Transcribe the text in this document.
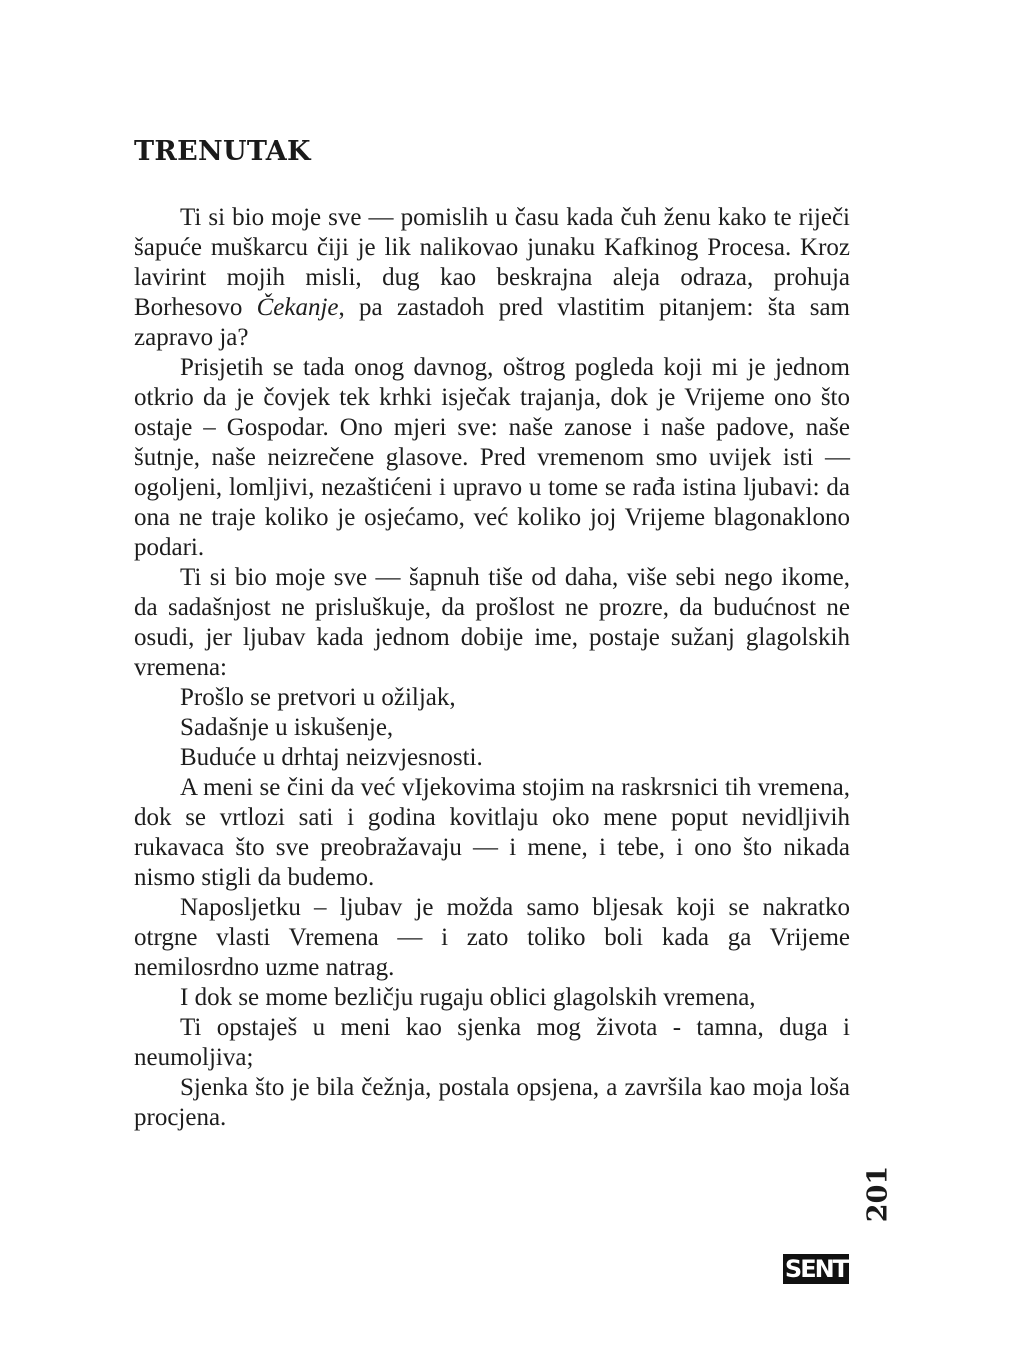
TRENUTAK

Ti si bio moje sve — pomislih u času kada čuh ženu kako te riječi šapuće muškarcu čiji je lik nalikovao junaku Kafkinog Procesa. Kroz lavirint mojih misli, dug kao beskrajna aleja odraza, prohuja Borhesovo Čekanje, pa zastadoh pred vlastitim pitanjem: šta sam zapravo ja?

Prisjetih se tada onog davnog, oštrog pogleda koji mi je jednom otkrio da je čovjek tek krhki isječak trajanja, dok je Vrijeme ono što ostaje – Gospodar. Ono mjeri sve: naše zanose i naše padove, naše šutnje, naše neizrečene glasove. Pred vremenom smo uvijek isti — ogoljeni, lomljivi, nezaštićeni i upravo u tome se rađa istina ljubavi: da ona ne traje koliko je osjećamo, već koliko joj Vrijeme blagonaklono podari.

Ti si bio moje sve — šapnuh tiše od daha, više sebi nego ikome, da sadašnjost ne prisluškuje, da prošlost ne prozre, da budućnost ne osudi, jer ljubav kada jednom dobije ime, postaje sužanj glagolskih vremena:

Prošlo se pretvori u ožiljak,

Sadašnje u iskušenje,

Buduće u drhtaj neizvjesnosti.

A meni se čini da već vIjekovima stojim na raskrsnici tih vremena, dok se vrtlozi sati i godina kovitlaju oko mene poput nevidljivih rukavaca što sve preobražavaju — i mene, i tebe, i ono što nikada nismo stigli da budemo.

Naposljetku – ljubav je možda samo bljesak koji se nakratko otrgne vlasti Vremena — i zato toliko boli kada ga Vrijeme nemilosrdno uzme natrag.

I dok se mome bezličju rugaju oblici glagolskih vremena,

Ti opstaješ u meni kao sjenka mog života - tamna, duga i neumoljiva;

Sjenka što je bila čežnja, postala opsjena, a završila kao moja loša procjena.

201
SENT
